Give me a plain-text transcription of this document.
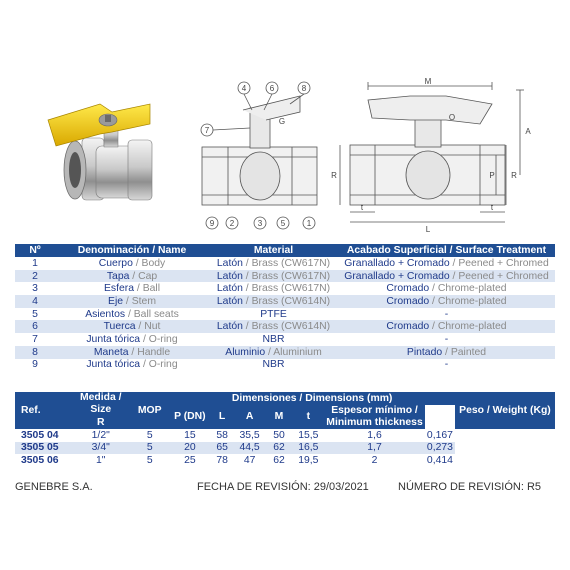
1
2	3
4
5
6
7
8
9
G
M
A
R	P R
t	t
L
O
Nº	Denominación / Name	Material	Acabado Superficial / Surface Treatment
1	Cuerpo / Body	Latón / Brass (CW617N)	Granallado + Cromado / Peened + Chromed
2	Tapa / Cap	Latón / Brass (CW617N)	Granallado + Cromado / Peened + Chromed
3	Esfera / Ball	Latón / Brass (CW617N)	Cromado / Chrome-plated
4	Eje / Stem	Latón / Brass (CW614N)	Cromado / Chrome-plated
5	Asientos / Ball seats	PTFE	-
6	Tuerca / Nut	Latón / Brass (CW614N)	Cromado / Chrome-plated
7	Junta tórica / O-ring	NBR	-
8	Maneta / Handle	Aluminio / Aluminium	Pintado / Painted
9	Junta tórica / O-ring	NBR	-
Ref.	Medida / Size	MOP	Dimensiones / Dimensions (mm)							Peso / Weight (Kg)
			P (DN)	L	A	M	t	Espesor mínimo / Minimum thickness		
	R									
3505 04	1/2"	5	15	58	35,5	50	15,5	1,6	0,167	
3505 05	3/4"	5	20	65	44,5	62	16,5	1,7	0,273	
3505 06	1"	5	25	78	47	62	19,5	2	0,414	
GENEBRE S.A.	FECHA DE REVISIÓN: 29/03/2021	NÚMERO DE REVISIÓN: R5
